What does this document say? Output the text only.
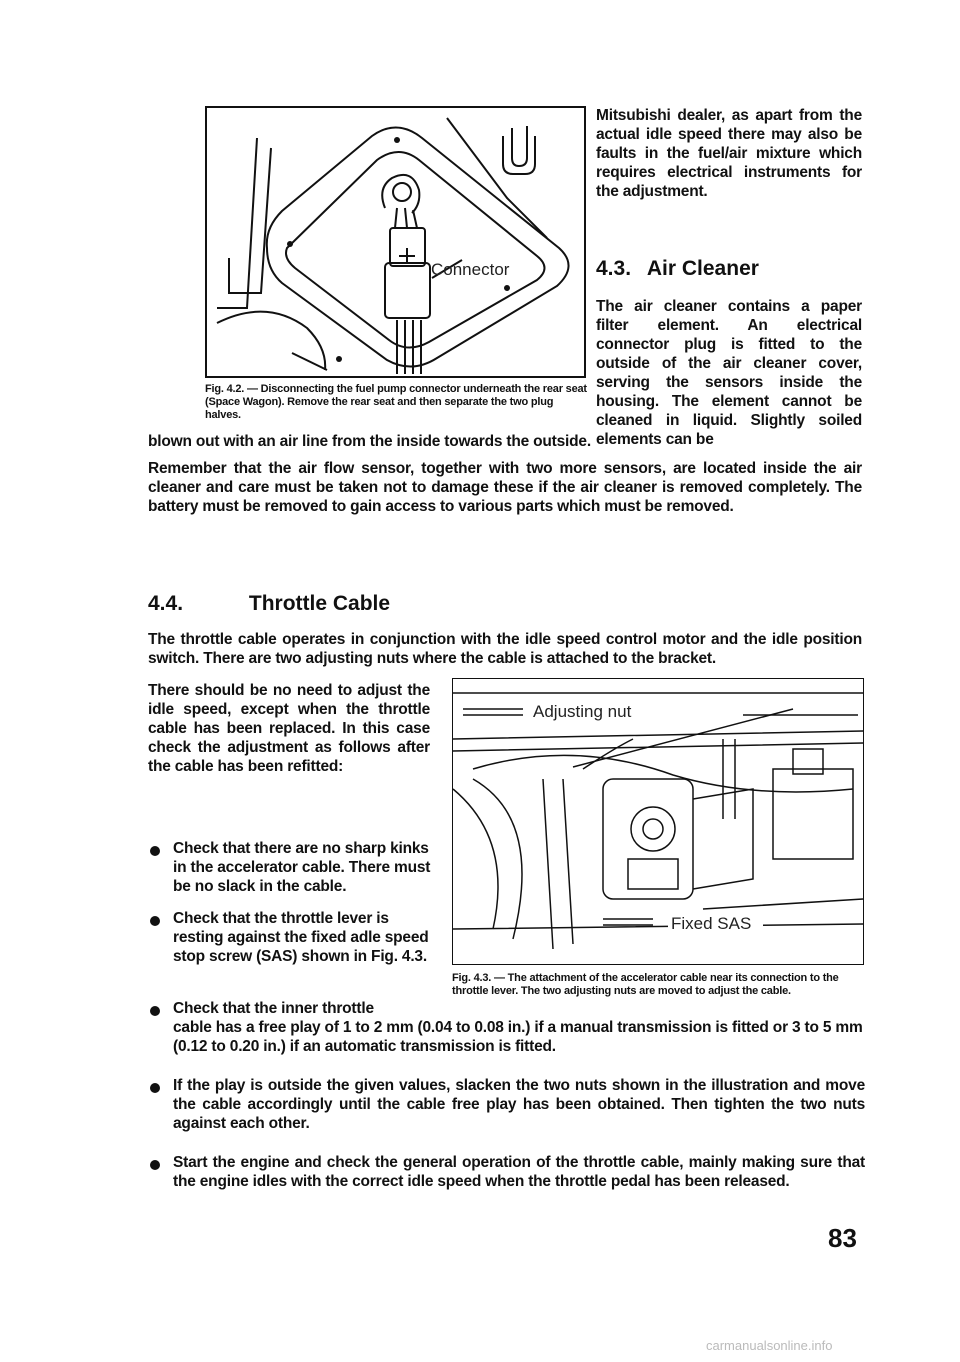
Connector
Fig. 4.2. — Disconnecting the fuel pump connector underneath the rear seat (Space Wagon). Remove the rear seat and then separate the two plug halves.
Mitsubishi dealer, as apart from the actual idle speed there may also be faults in the fuel/air mixture which requires electrical instruments for the adjustment.
4.3. Air Cleaner
The air cleaner contains a paper filter element. An electrical connector plug is fitted to the outside of the air cleaner cover, serving the sensors inside the housing. The element cannot be cleaned in liquid. Slightly soiled elements can be
blown out with an air line from the inside towards the outside.
Remember that the air flow sensor, together with two more sensors, are located inside the air cleaner and care must be taken not to damage these if the air cleaner is removed completely. The battery must be removed to gain access to various parts which must be removed.
4.4.	Throttle Cable
The throttle cable operates in conjunction with the idle speed control motor and the idle position switch. There are two adjusting nuts where the cable is attached to the bracket.
There should be no need to adjust the idle speed, except when the throttle cable has been replaced. In this case check the adjustment as follows after the cable has been refitted:
Adjusting nut
Fixed SAS
Fig. 4.3. — The attachment of the accelerator cable near its connection to the throttle lever. The two adjusting nuts are moved to adjust the cable.
Check that there are no sharp kinks in the accelerator cable. There must be no slack in the cable.
Check that the throttle lever is resting against the fixed adle speed stop screw (SAS) shown in Fig. 4.3.
Check that the inner throttle
cable has a free play of 1 to 2 mm (0.04 to 0.08 in.) if a manual transmission is fitted or 3 to 5 mm (0.12 to 0.20 in.) if an automatic transmission is fitted.
If the play is outside the given values, slacken the two nuts shown in the illustration and move the cable accordingly until the cable free play has been obtained. Then tighten the two nuts against each other.
Start the engine and check the general operation of the throttle cable, mainly making sure that the engine idles with the correct idle speed when the throttle pedal has been released.
83
carmanualsonline.info
